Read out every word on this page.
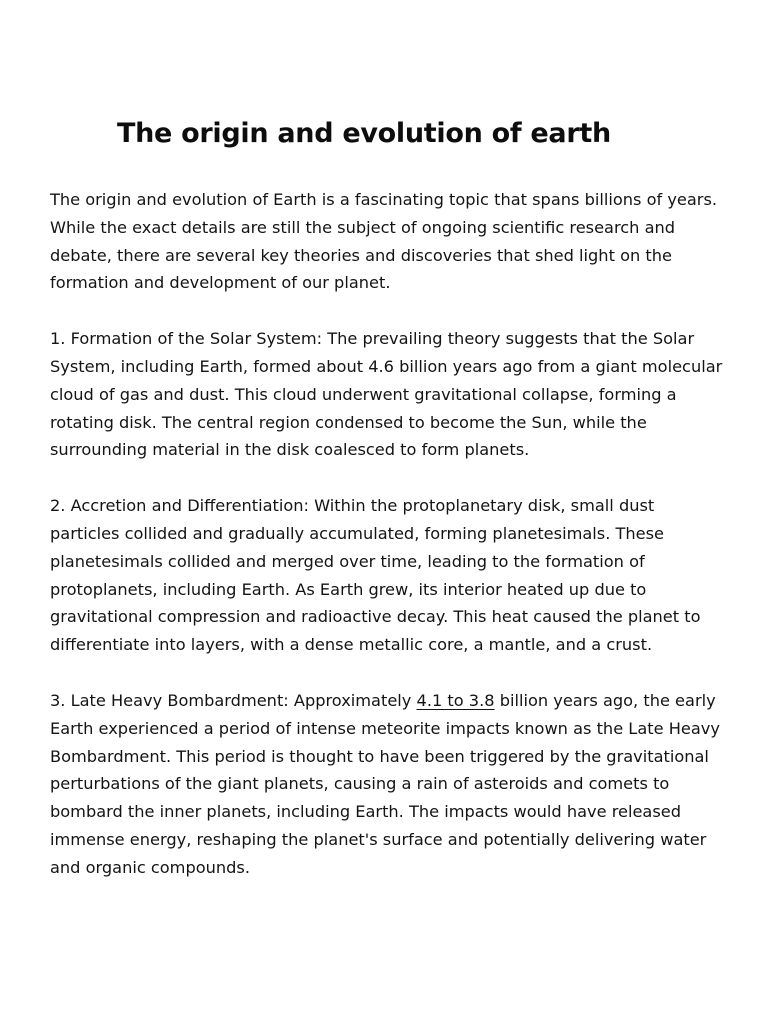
The origin and evolution of earth

The origin and evolution of Earth is a fascinating topic that spans billions of years. While the exact details are still the subject of ongoing scientific research and debate, there are several key theories and discoveries that shed light on the formation and development of our planet.

1. Formation of the Solar System: The prevailing theory suggests that the Solar System, including Earth, formed about 4.6 billion years ago from a giant molecular cloud of gas and dust. This cloud underwent gravitational collapse, forming a rotating disk. The central region condensed to become the Sun, while the surrounding material in the disk coalesced to form planets.

2. Accretion and Differentiation: Within the protoplanetary disk, small dust particles collided and gradually accumulated, forming planetesimals. These planetesimals collided and merged over time, leading to the formation of protoplanets, including Earth. As Earth grew, its interior heated up due to gravitational compression and radioactive decay. This heat caused the planet to differentiate into layers, with a dense metallic core, a mantle, and a crust.

3. Late Heavy Bombardment: Approximately 4.1 to 3.8 billion years ago, the early Earth experienced a period of intense meteorite impacts known as the Late Heavy Bombardment. This period is thought to have been triggered by the gravitational perturbations of the giant planets, causing a rain of asteroids and comets to bombard the inner planets, including Earth. The impacts would have released immense energy, reshaping the planet's surface and potentially delivering water and organic compounds.
